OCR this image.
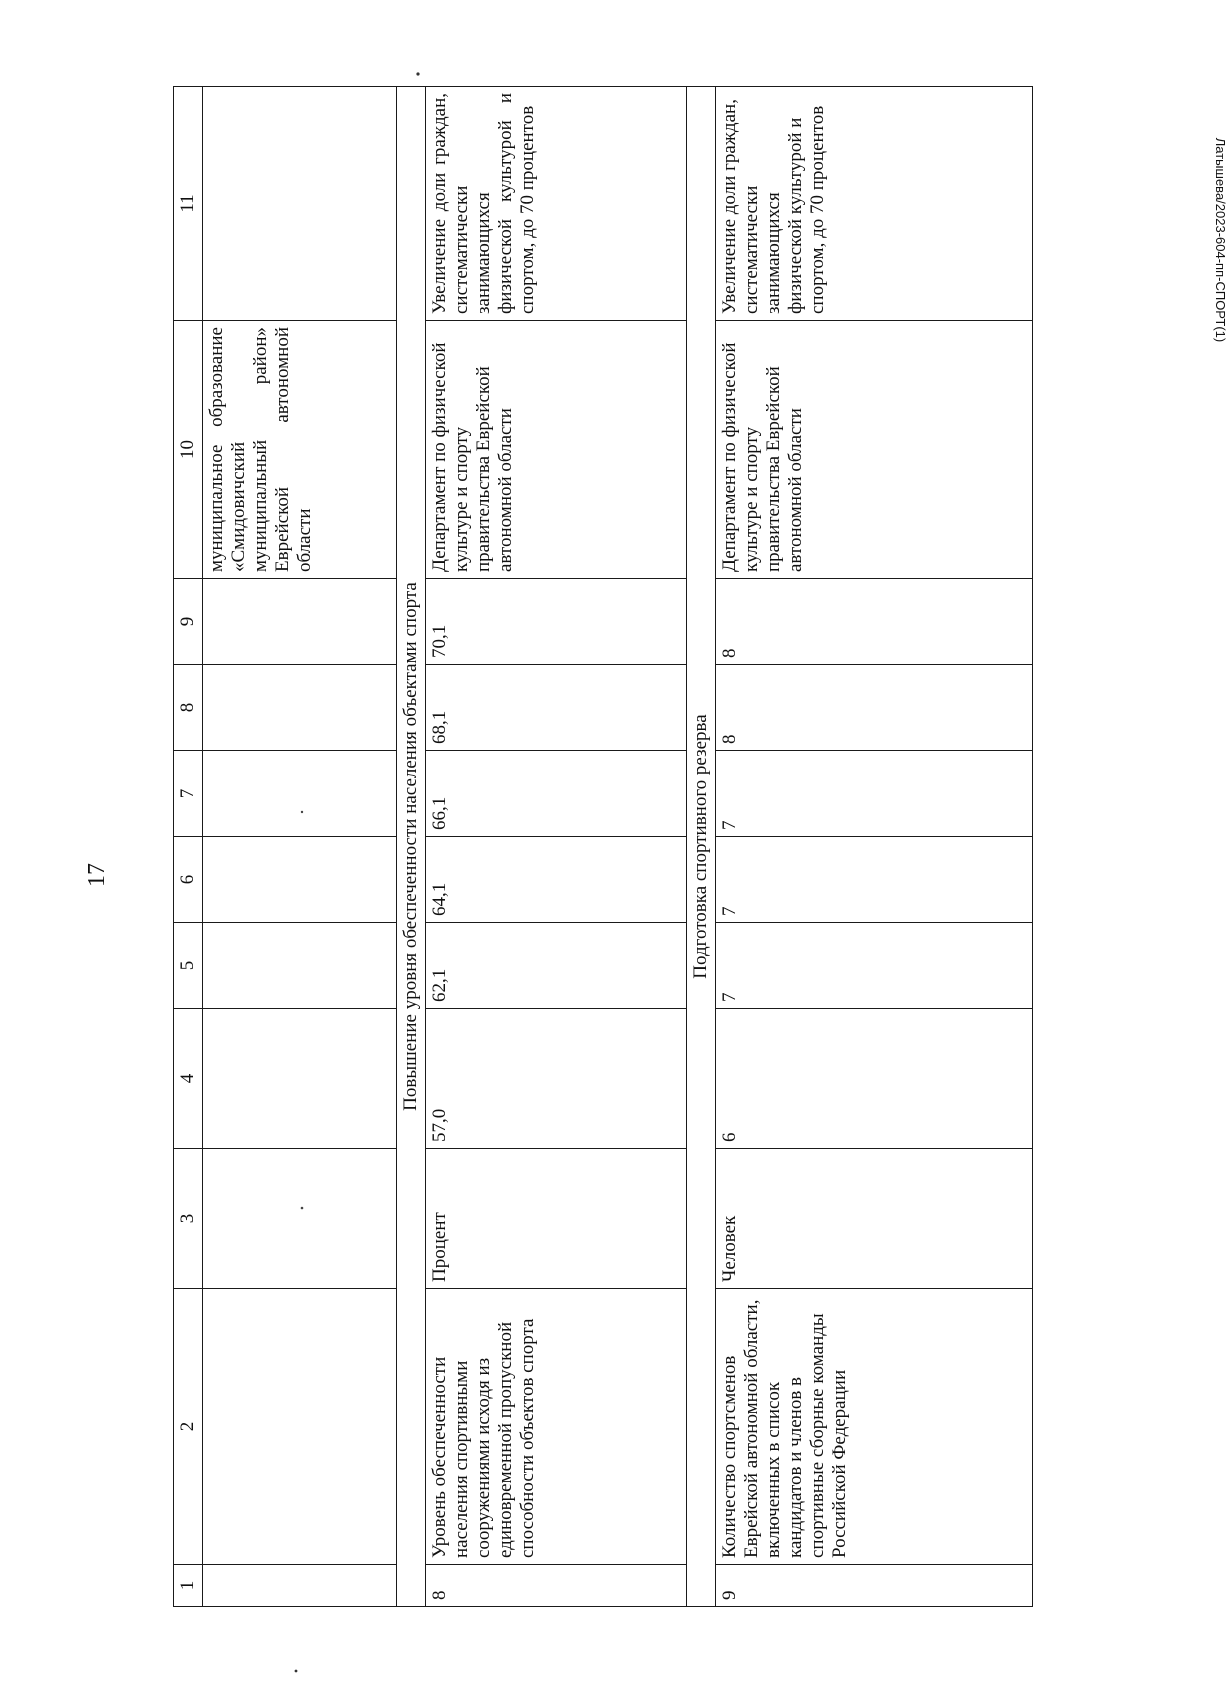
17
Латышева/2023-604-пп-СПОРТ(1)
1	2	3	4	5	6	7	8	9	10	11
									муниципальное образование «Смидовичский муниципальный район» Еврейской автономной области	
Повышение уровня обеспеченности населения объектами спорта										
8	Уровень обеспеченности населения спортивными сооружениями исходя из единовременной пропускной способности объектов спорта	Процент	57,0	62,1	64,1	66,1	68,1	70,1	Департамент по физической культуре и спорту правительства Еврейской автономной области	Увеличение доли граждан, систематически занимающихся физической культурой и спортом, до 70 процентов
Подготовка спортивного резерва										
9	Количество спортсменов Еврейской автономной области, включенных в список кандидатов и членов в спортивные сборные команды Российской Федерации	Человек	6	7	7	7	8	8	Департамент по физической культуре и спорту правительства Еврейской автономной области	Увеличение доли граждан, систематически занимающихся физической культурой и спортом, до 70 процентов
